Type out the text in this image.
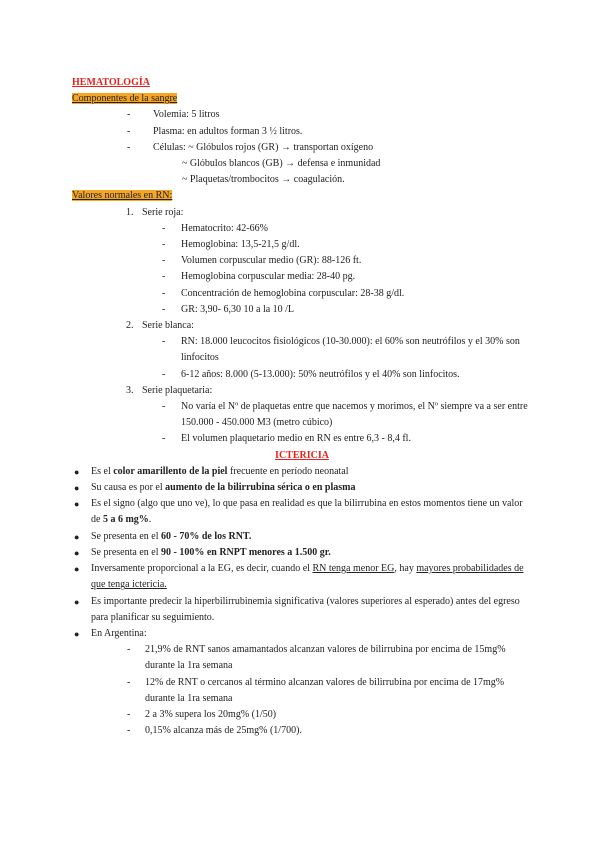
HEMATOLOGÍA
Componentes de la sangre
- Volemia: 5 litros
- Plasma: en adultos forman 3 ½ litros.
- Células: ~ Glóbulos rojos (GR) → transportan oxígeno
~ Glóbulos blancos (GB) → defensa e inmunidad
~ Plaquetas/trombocitos → coagulación.
Valores normales en RN:
1. Serie roja:
- Hematocrito: 42-66%
- Hemoglobina: 13,5-21,5 g/dl.
- Volumen corpuscular medio (GR): 88-126 ft.
- Hemoglobina corpuscular media: 28-40 pg.
- Concentración de hemoglobina corpuscular: 28-38 g/dl.
- GR: 3,90- 6,30 10 a la 10 /L
2. Serie blanca:
- RN: 18.000 leucocitos fisiológicos (10-30.000): el 60% son neutrófilos y el 30% son linfocitos
- 6-12 años: 8.000 (5-13.000): 50% neutrófilos y el 40% son linfocitos.
3. Serie plaquetaria:
- No varía el Nº de plaquetas entre que nacemos y morimos, el Nº siempre va a ser entre 150.000 - 450.000 M3 (metro cúbico)
- El volumen plaquetario medio en RN es entre 6,3 - 8,4 fl.
ICTERICIA
● Es el color amarillento de la piel frecuente en período neonatal
● Su causa es por el aumento de la bilirrubina sérica o en plasma
● Es el signo (algo que uno ve), lo que pasa en realidad es que la bilirrubina en estos momentos tiene un valor de 5 a 6 mg%.
● Se presenta en el 60 - 70% de los RNT.
● Se presenta en el 90 - 100% en RNPT menores a 1.500 gr.
● Inversamente proporcional a la EG, es decir, cuando el RN tenga menor EG, hay mayores probabilidades de que tenga ictericia.
● Es importante predecir la hiperbilirrubinemia significativa (valores superiores al esperado) antes del egreso para planificar su seguimiento.
● En Argentina:
- 21,9% de RNT sanos amamantados alcanzan valores de bilirrubina por encima de 15mg% durante la 1ra semana
- 12% de RNT o cercanos al término alcanzan valores de bilirrubina por encima de 17mg% durante la 1ra semana
- 2 a 3% supera los 20mg% (1/50)
- 0,15% alcanza más de 25mg% (1/700).
